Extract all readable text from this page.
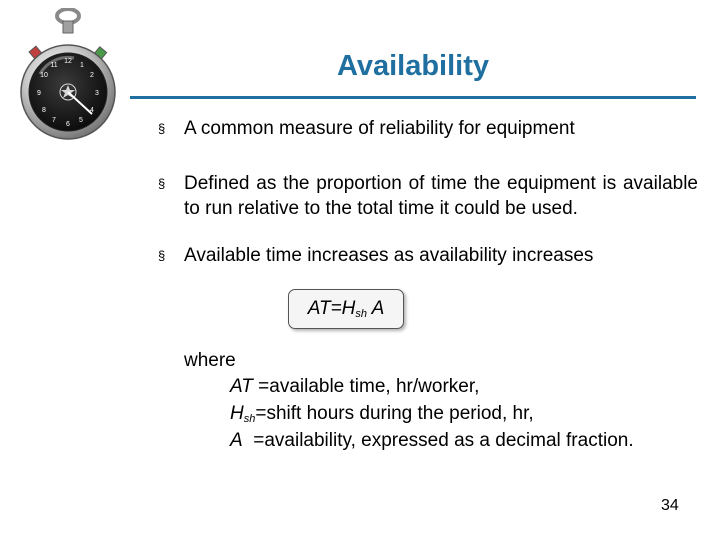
12
1
2
3
4
5
6
7
8
9
10
11	Availability
§ A common measure of reliability for equipment
§ Defined as the proportion of time the equipment is available to run relative to the total time it could be used.
§ Available time increases as availability increases
$AT=H_{sh}$ A
where
AT =available time, hr/worker,
$H_{sh}=shift$ hours during the period, hr,
A  =availability, expressed as a decimal fraction.
34
